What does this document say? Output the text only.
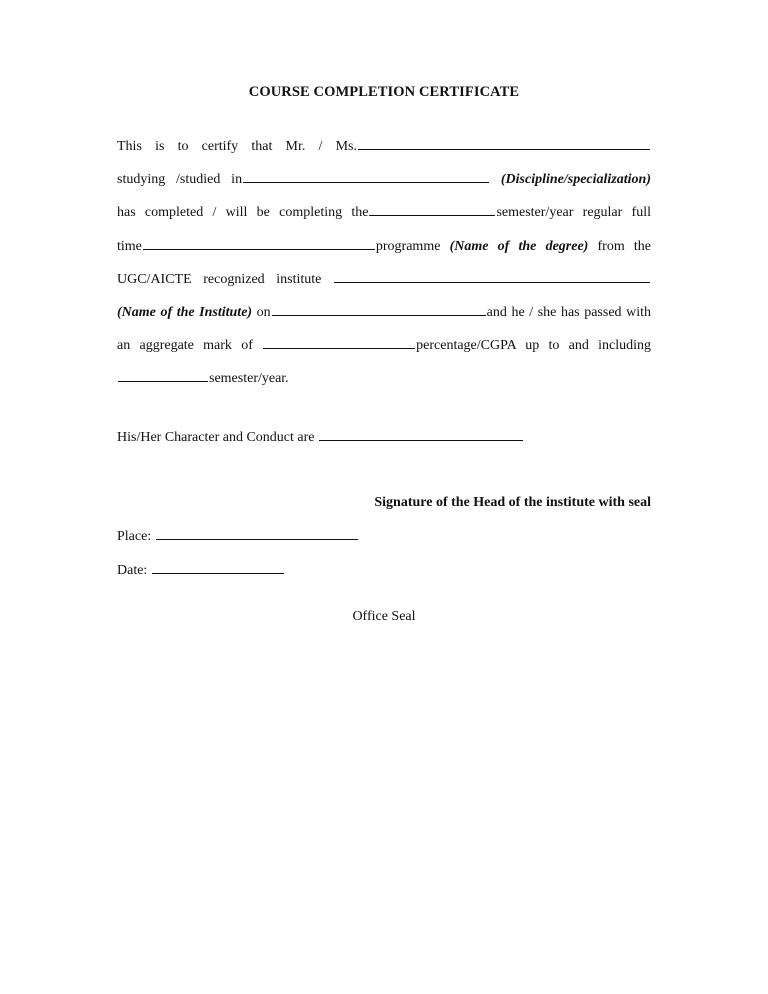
COURSE COMPLETION CERTIFICATE
This is to certify that Mr. / Ms.
studying /studied in	(Discipline/specialization)
has completed / will be completing the	semester/year regular full
time	programme (Name of the degree) from the
UGC/AICTE recognized institute
(Name of the Institute) on	and he / she has passed with
an aggregate mark of	percentage/CGPA up to and including
semester/year.
His/Her Character and Conduct are
Signature of the Head of the institute with seal
Place:
Date:
Office Seal
